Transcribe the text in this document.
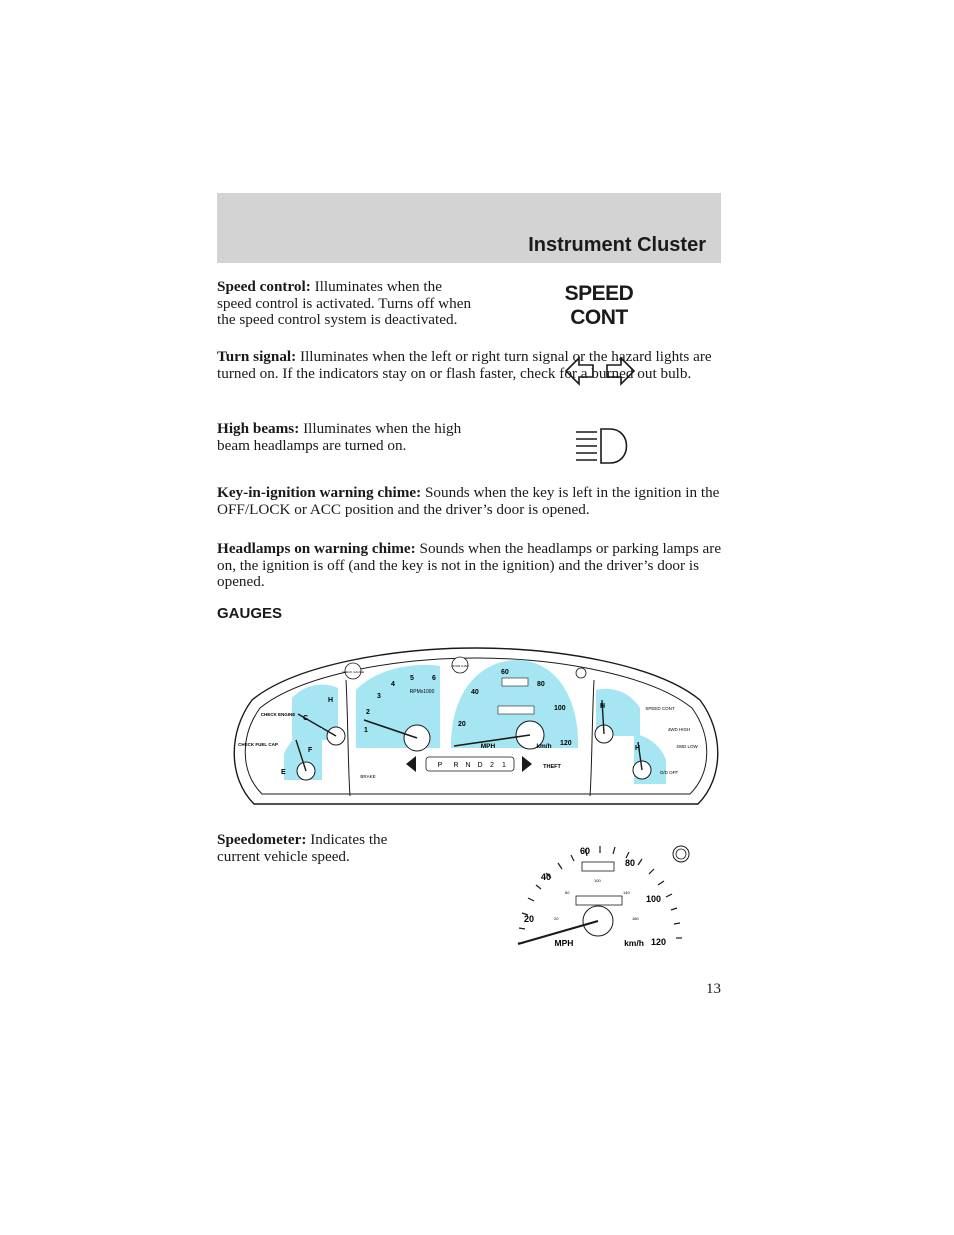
Instrument Cluster

Speed control: Illuminates when the speed control is activated. Turns off when the speed control system is deactivated.

SPEED
CONT

Turn signal: Illuminates when the left or right turn signal or the hazard lights are turned on. If the indicators stay on or flash faster, check for a burned out bulb.

High beams: Illuminates when the high beam headlamps are turned on.

Key-in-ignition warning chime: Sounds when the key is left in the ignition in the OFF/LOCK or ACC position and the driver’s door is opened.

Headlamps on warning chime: Sounds when the headlamps or parking lamps are on, the ignition is off (and the key is not in the ignition) and the driver’s door is opened.

GAUGES
C
H
CHECK ENGINE
E
F
CHECK FUEL CAP
CHECK GAUGE
1
2
3
4
5	6
RPMx1000
DOOR AJAR
20
40
60
80
100
120
MPH	km/h
H
H
SPEED CONT
4WD HIGH
4WD LOW
O/D OFF
P R N D 2 1
BRAKE
THEFT

Speedometer: Indicates the current vehicle speed.

20
40
60
80
100
120
20
60
100
140
180
MPH	km/h
13
